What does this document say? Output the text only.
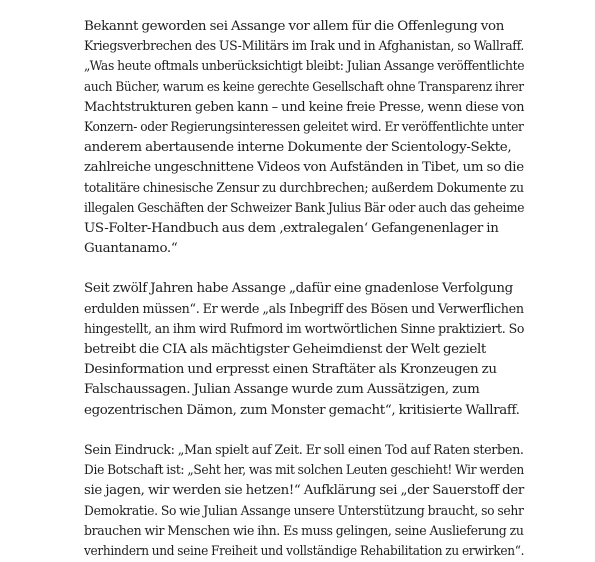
Bekannt geworden sei Assange vor allem für die Offenlegung von
Kriegsverbrechen des US-Militärs im Irak und in Afghanistan, so Wallraff.
„Was heute oftmals unberücksichtigt bleibt: Julian Assange veröffentlichte
auch Bücher, warum es keine gerechte Gesellschaft ohne Transparenz ihrer
Machtstrukturen geben kann – und keine freie Presse, wenn diese von
Konzern- oder Regierungsinteressen geleitet wird. Er veröffentlichte unter
anderem abertausende interne Dokumente der Scientology-Sekte,
zahlreiche ungeschnittene Videos von Aufständen in Tibet, um so die
totalitäre chinesische Zensur zu durchbrechen; außerdem Dokumente zu
illegalen Geschäften der Schweizer Bank Julius Bär oder auch das geheime
US-Folter-Handbuch aus dem ‚extralegalen‘ Gefangenenlager in
Guantanamo.“

Seit zwölf Jahren habe Assange „dafür eine gnadenlose Verfolgung
erdulden müssen“. Er werde „als Inbegriff des Bösen und Verwerflichen
hingestellt, an ihm wird Rufmord im wortwörtlichen Sinne praktiziert. So
betreibt die CIA als mächtigster Geheimdienst der Welt gezielt
Desinformation und erpresst einen Straftäter als Kronzeugen zu
Falschaussagen. Julian Assange wurde zum Aussätzigen, zum
egozentrischen Dämon, zum Monster gemacht“, kritisierte Wallraff.

Sein Eindruck: „Man spielt auf Zeit. Er soll einen Tod auf Raten sterben.
Die Botschaft ist: „Seht her, was mit solchen Leuten geschieht! Wir werden
sie jagen, wir werden sie hetzen!“ Aufklärung sei „der Sauerstoff der
Demokratie. So wie Julian Assange unsere Unterstützung braucht, so sehr
brauchen wir Menschen wie ihn. Es muss gelingen, seine Auslieferung zu
verhindern und seine Freiheit und vollständige Rehabilitation zu erwirken“.
